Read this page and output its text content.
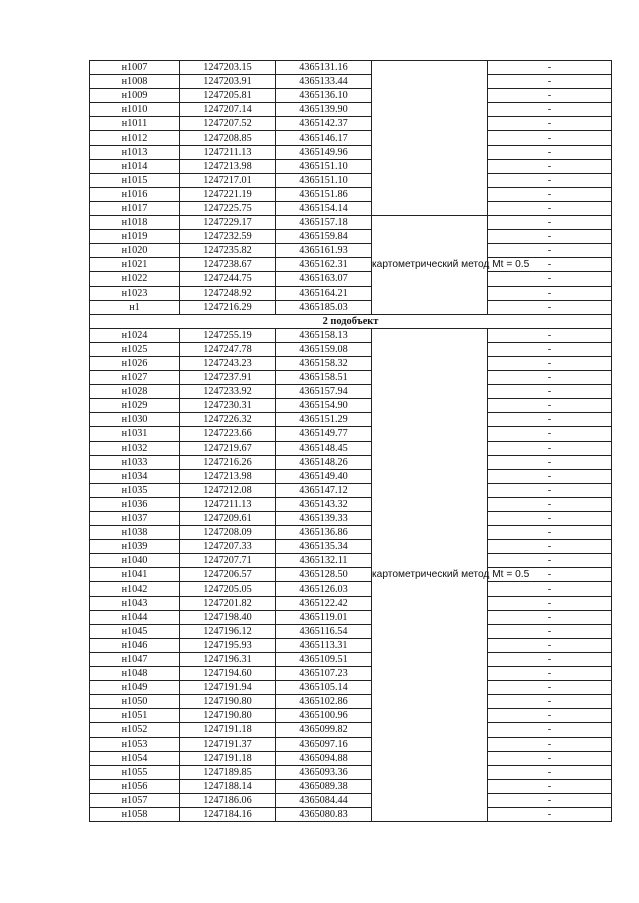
н1007	1247203.15	4365131.16		-
н1008	1247203.91	4365133.44		-
н1009	1247205.81	4365136.10		-
н1010	1247207.14	4365139.90		-
н1011	1247207.52	4365142.37		-
н1012	1247208.85	4365146.17		-
н1013	1247211.13	4365149.96		-
н1014	1247213.98	4365151.10		-
н1015	1247217.01	4365151.10		-
н1016	1247221.19	4365151.86		-
н1017	1247225.75	4365154.14		-
н1018	1247229.17	4365157.18	картометрический метод Mt = 0.5	-
н1019	1247232.59	4365159.84		-
н1020	1247235.82	4365161.93		-
н1021	1247238.67	4365162.31		-
н1022	1247244.75	4365163.07		-
н1023	1247248.92	4365164.21		-
н1	1247216.29	4365185.03		-
2 подобъект				
н1024	1247255.19	4365158.13	картометрический метод Mt = 0.5	-
н1025	1247247.78	4365159.08		-
н1026	1247243.23	4365158.32		-
н1027	1247237.91	4365158.51		-
н1028	1247233.92	4365157.94		-
н1029	1247230.31	4365154.90		-
н1030	1247226.32	4365151.29		-
н1031	1247223.66	4365149.77		-
н1032	1247219.67	4365148.45		-
н1033	1247216.26	4365148.26		-
н1034	1247213.98	4365149.40		-
н1035	1247212.08	4365147.12		-
н1036	1247211.13	4365143.32		-
н1037	1247209.61	4365139.33		-
н1038	1247208.09	4365136.86		-
н1039	1247207.33	4365135.34		-
н1040	1247207.71	4365132.11		-
н1041	1247206.57	4365128.50		-
н1042	1247205.05	4365126.03		-
н1043	1247201.82	4365122.42		-
н1044	1247198.40	4365119.01		-
н1045	1247196.12	4365116.54		-
н1046	1247195.93	4365113.31		-
н1047	1247196.31	4365109.51		-
н1048	1247194.60	4365107.23		-
н1049	1247191.94	4365105.14		-
н1050	1247190.80	4365102.86		-
н1051	1247190.80	4365100.96		-
н1052	1247191.18	4365099.82		-
н1053	1247191.37	4365097.16		-
н1054	1247191.18	4365094.88		-
н1055	1247189.85	4365093.36		-
н1056	1247188.14	4365089.38		-
н1057	1247186.06	4365084.44		-
н1058	1247184.16	4365080.83		-
